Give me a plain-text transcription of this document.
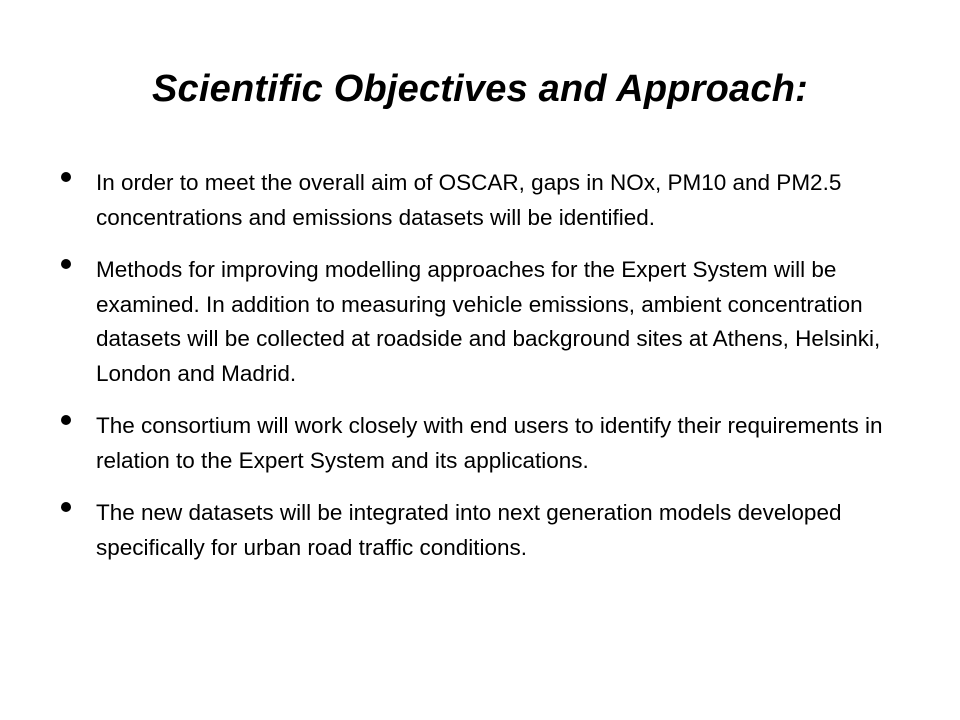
Scientific Objectives and Approach:
In order to meet the overall aim of OSCAR, gaps in NOx, PM10 and PM2.5 concentrations and emissions datasets will be identified.
Methods for improving modelling approaches for the Expert System will be examined. In addition to measuring vehicle emissions, ambient concentration datasets will be collected at roadside and background sites at Athens, Helsinki, London and Madrid.
The consortium will work closely with end users to identify their requirements in relation to the Expert System and its applications.
The new datasets will be integrated into next generation models developed specifically for urban road traffic conditions.
